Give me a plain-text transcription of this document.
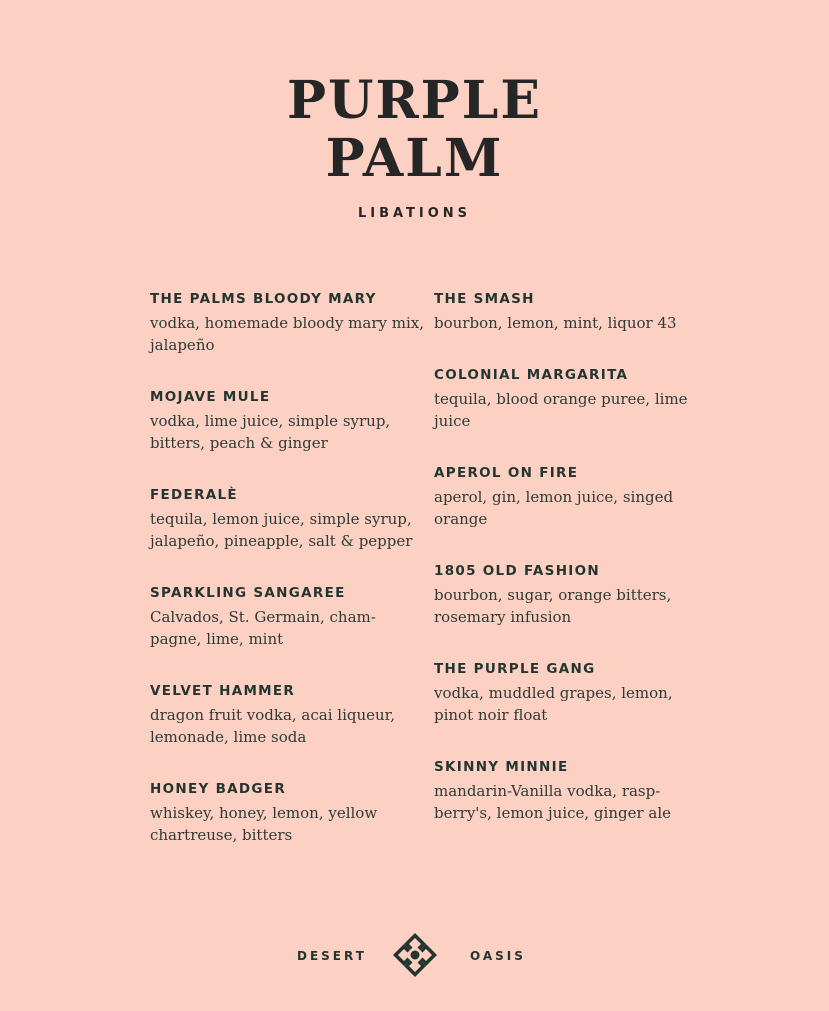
PURPLE
PALM
LIBATIONS
THE PALMS BLOODY MARY
vodka, homemade bloody mary mix, jalapeño
MOJAVE MULE
vodka, lime juice, simple syrup, bitters, peach & ginger
FEDERALÈ
tequila, lemon juice, simple syrup, jalapeño, pineapple, salt & pepper
SPARKLING SANGAREE
Calvados, St. Germain, cham-pagne, lime, mint
VELVET HAMMER
dragon fruit vodka, acai liqueur, lemonade, lime soda
HONEY BADGER
whiskey, honey, lemon, yellow chartreuse, bitters
THE SMASH
bourbon, lemon, mint, liquor 43
COLONIAL MARGARITA
tequila, blood orange puree, lime juice
APEROL ON FIRE
aperol, gin, lemon juice, singed orange
1805 OLD FASHION
bourbon, sugar, orange bitters, rosemary infusion
THE PURPLE GANG
vodka, muddled grapes, lemon, pinot noir float
SKINNY MINNIE
mandarin-Vanilla vodka, rasp-berry's, lemon juice, ginger ale
DESERT	OASIS
